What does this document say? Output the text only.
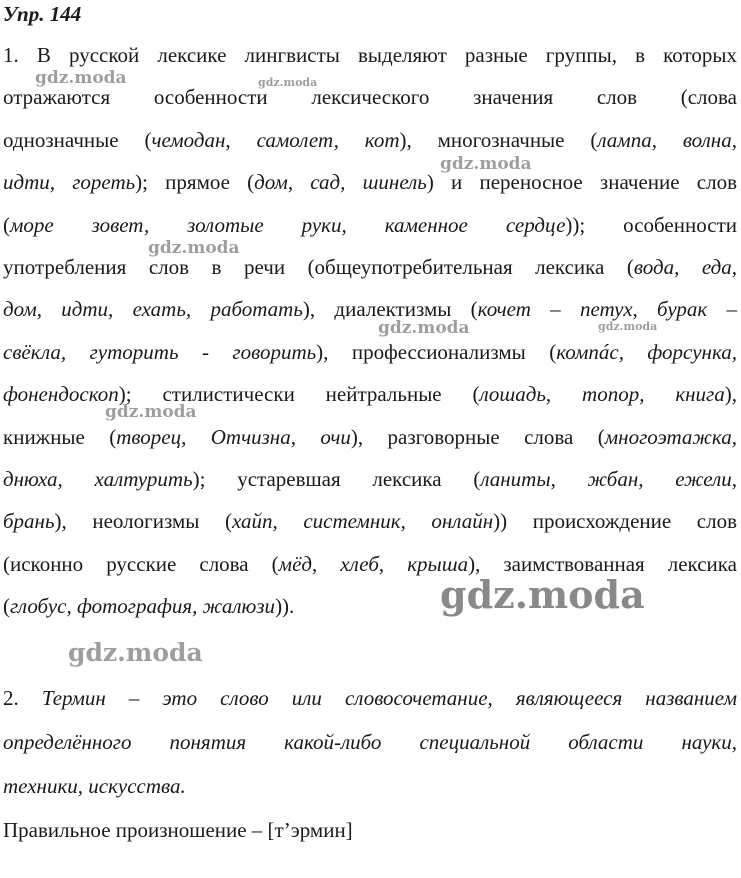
Упр. 144
1. В русской лексике лингвисты выделяют разные группы, в которых
отражаются особенности лексического значения слов (слова
однозначные (чемодан, самолет, кот), многозначные (лампа, волна,
идти, гореть); прямое (дом, сад, шинель) и переносное значение слов
(море зовет, золотые руки, каменное сердце)); особенности
употребления слов в речи (общеупотребительная лексика (вода, еда,
дом, идти, ехать, работать), диалектизмы (кочет – петух, бурак –
свёкла, гуторить - говорить), профессионализмы (компáс, форсунка,
фонендоскоп); стилистически нейтральные (лошадь, топор, книга),
книжные (творец, Отчизна, очи), разговорные слова (многоэтажка,
днюха, халтурить); устаревшая лексика (ланиты, жбан, ежели,
брань), неологизмы (хайп, системник, онлайн)) происхождение слов
(исконно русские слова (мёд, хлеб, крыша), заимствованная лексика
(глобус, фотография, жалюзи)).
2. Термин – это слово или словосочетание, являющееся названием
определённого понятия какой-либо специальной области науки,
техники, искусства.
Правильное произношение – [т’эрмин]
gdz.moda	gdz.moda
gdz.moda
gdz.moda
gdz.moda	gdz.moda
gdz.moda
gdz.moda
gdz.moda
